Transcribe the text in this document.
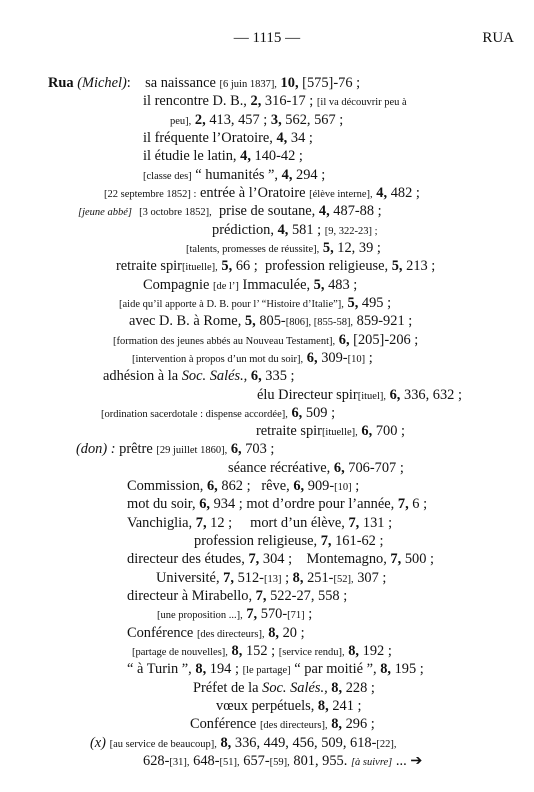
— 1115 —	RUA
Rua (Michel): sa naissance [6 juin 1837], 10, [575]-76 ;
il rencontre D. B., 2, 316-17 ; [il va découvrir peu à
peu], 2, 413, 457 ; 3, 562, 567 ;
il fréquente l’Oratoire, 4, 34 ;
il étudie le latin, 4, 140-42 ;
[classe des] “ humanités ”, 4, 294 ;
[22 septembre 1852] : entrée à l’Oratoire [élève interne], 4, 482 ;
[jeune abbé] [3 octobre 1852], prise de soutane, 4, 487-88 ;
prédiction, 4, 581 ; [9, 322-23] ;
[talents, promesses de réussite], 5, 12, 39 ;
retraite spir[ituelle], 5, 66 ; profession religieuse, 5, 213 ;
Compagnie [de l’] Immaculée, 5, 483 ;
[aide qu’il apporte à D. B. pour l’ “Histoire d’Italie”], 5, 495 ;
avec D. B. à Rome, 5, 805-[806], [855-58], 859-921 ;
[formation des jeunes abbés au Nouveau Testament], 6, [205]-206 ;
[intervention à propos d’un mot du soir], 6, 309-[10] ;
adhésion à la Soc. Salés., 6, 335 ;
élu Directeur spir[ituel], 6, 336, 632 ;
[ordination sacerdotale : dispense accordée], 6, 509 ;
retraite spir[ituelle], 6, 700 ;
(don) : prêtre [29 juillet 1860], 6, 703 ;
séance récréative, 6, 706-707 ;
Commission, 6, 862 ; rêve, 6, 909-[10] ;
mot du soir, 6, 934 ; mot d’ordre pour l’année, 7, 6 ;
Vanchiglia, 7, 12 ; mort d’un élève, 7, 131 ;
profession religieuse, 7, 161-62 ;
directeur des études, 7, 304 ; Montemagno, 7, 500 ;
Université, 7, 512-[13] ; 8, 251-[52], 307 ;
directeur à Mirabello, 7, 522-27, 558 ;
[une proposition ...], 7, 570-[71] ;
Conférence [des directeurs], 8, 20 ;
[partage de nouvelles], 8, 152 ; [service rendu], 8, 192 ;
“ à Turin ”, 8, 194 ; [le partage] “ par moitié ”, 8, 195 ;
Préfet de la Soc. Salés., 8, 228 ;
vœux perpétuels, 8, 241 ;
Conférence [des directeurs], 8, 296 ;
(x) [au service de beaucoup], 8, 336, 449, 456, 509, 618-[22],
628-[31], 648-[51], 657-[59], 801, 955. [à suivre] ... ➔
